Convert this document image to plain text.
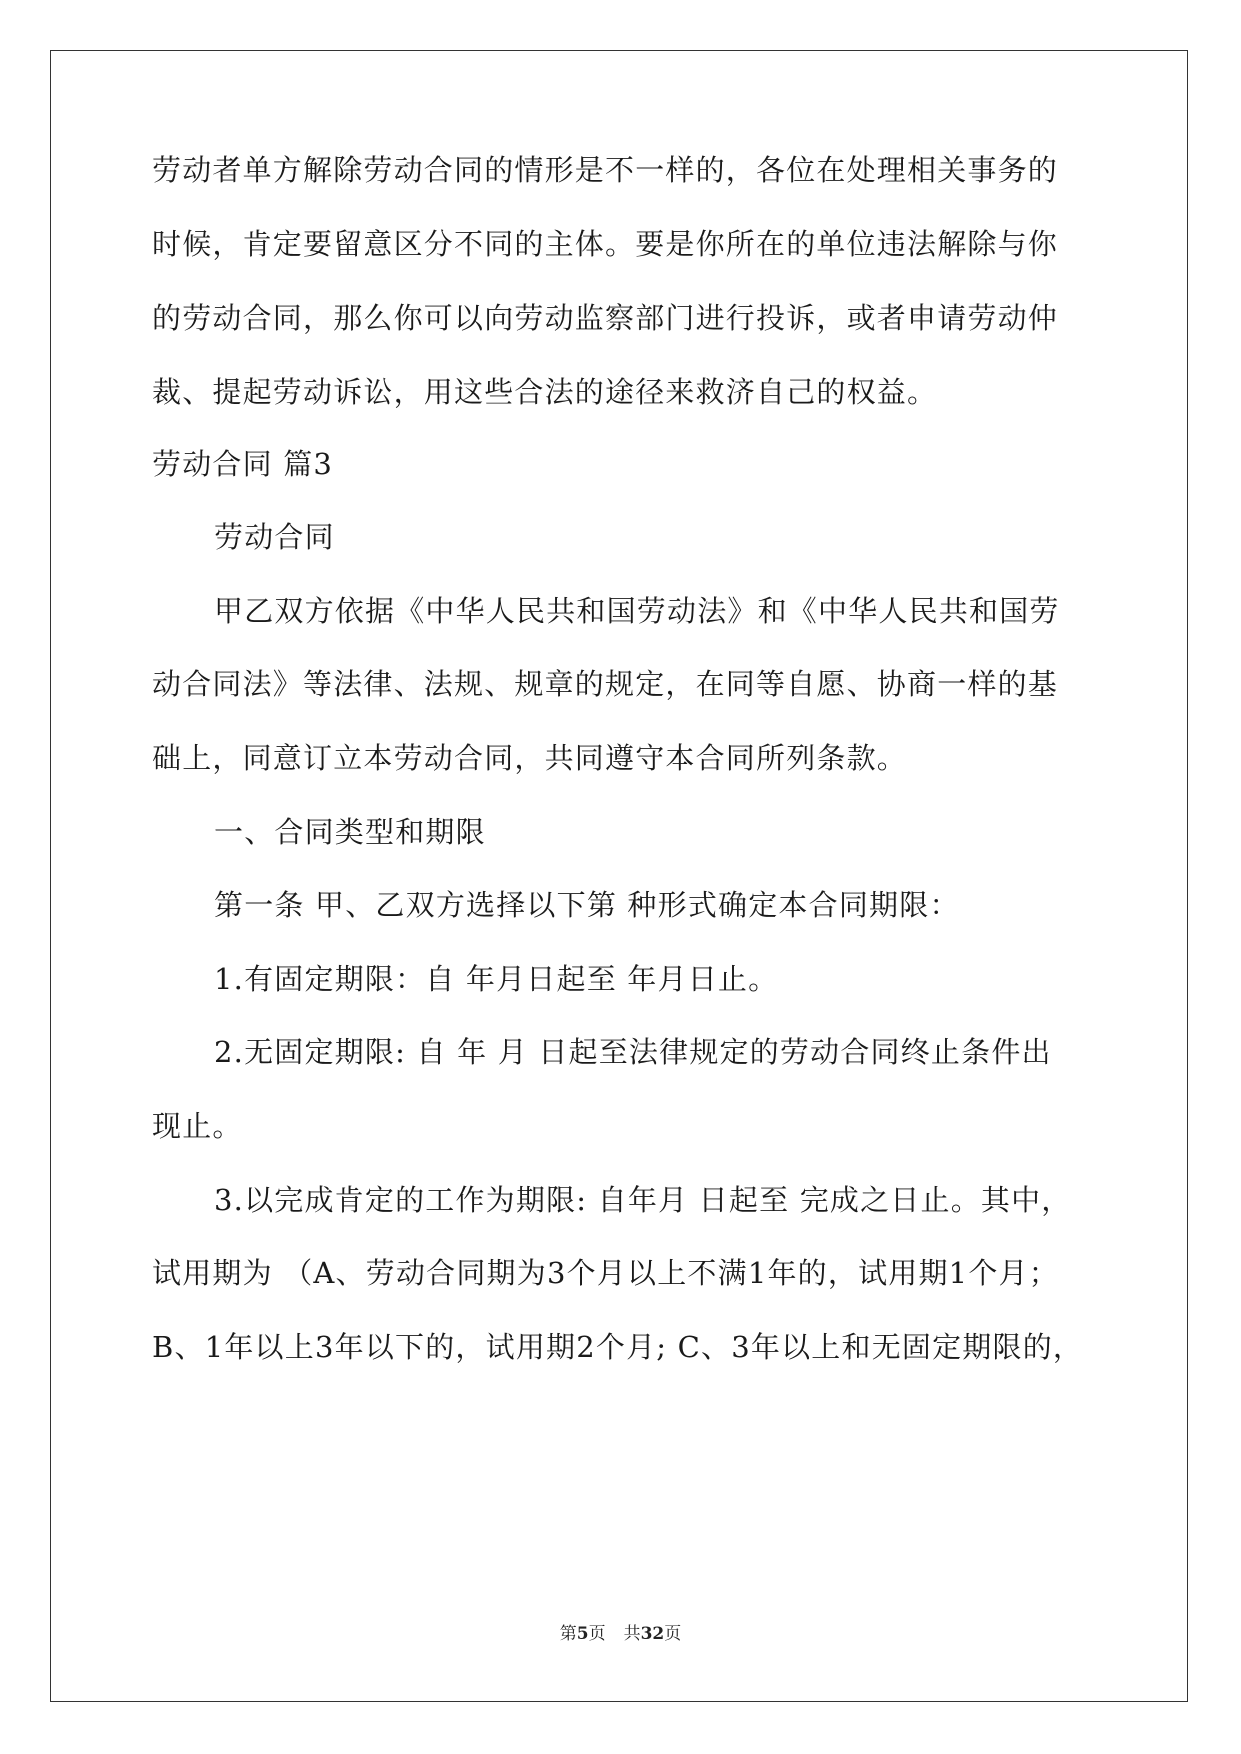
劳动者单方解除劳动合同的情形是不一样的，各位在处理相关事务的
时候，肯定要留意区分不同的主体。要是你所在的单位违法解除与你
的劳动合同，那么你可以向劳动监察部门进行投诉，或者申请劳动仲
裁、提起劳动诉讼，用这些合法的途径来救济自己的权益。
劳动合同 篇3
劳动合同
甲乙双方依据《中华人民共和国劳动法》和《中华人民共和国劳
动合同法》等法律、法规、规章的规定，在同等自愿、协商一样的基
础上，同意订立本劳动合同，共同遵守本合同所列条款。
一、合同类型和期限
第一条 甲、乙双方选择以下第 种形式确定本合同期限：
1.有固定期限：自 年月日起至 年月日止。
2.无固定期限: 自 年 月 日起至法律规定的劳动合同终止条件出
现止。
3.以完成肯定的工作为期限: 自年月 日起至 完成之日止。其中，
试用期为 （A、劳动合同期为3个月以上不满1年的，试用期1个月；
B、1年以上3年以下的，试用期2个月; C、3年以上和无固定期限的，
第5页 共32页
